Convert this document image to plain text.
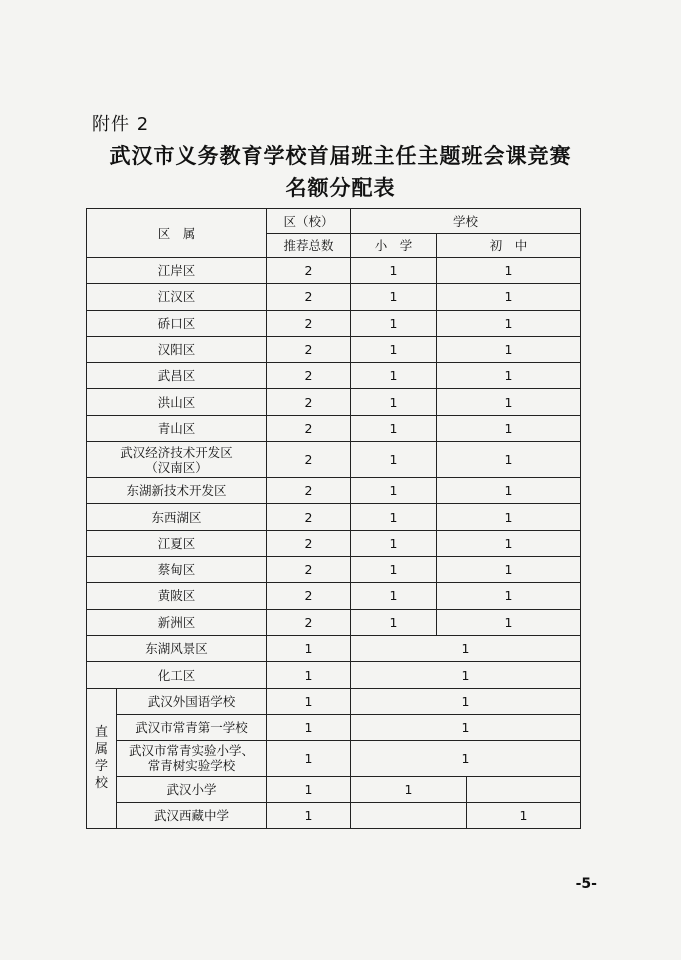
附件 2
武汉市义务教育学校首届班主任主题班会课竞赛
名额分配表
区　属		区（校）	学校		
		推荐总数	小　学	初　中	
江岸区		2	1	1	
江汉区		2	1	1	
硚口区		2	1	1	
汉阳区		2	1	1	
武昌区		2	1	1	
洪山区		2	1	1	
青山区		2	1	1	
武汉经济技术开发区
（汉南区）		2	1	1	
东湖新技术开发区		2	1	1	
东西湖区		2	1	1	
江夏区		2	1	1	
蔡甸区		2	1	1	
黄陂区		2	1	1	
新洲区		2	1	1	
东湖风景区		1	1		
化工区		1	1		
直属学校	武汉外国语学校	1	1		
	武汉市常青第一学校	1	1		
	武汉市常青实验小学、
常青树实验学校	1	1		
	武汉小学	1	1		
	武汉西藏中学	1			1
-5-
